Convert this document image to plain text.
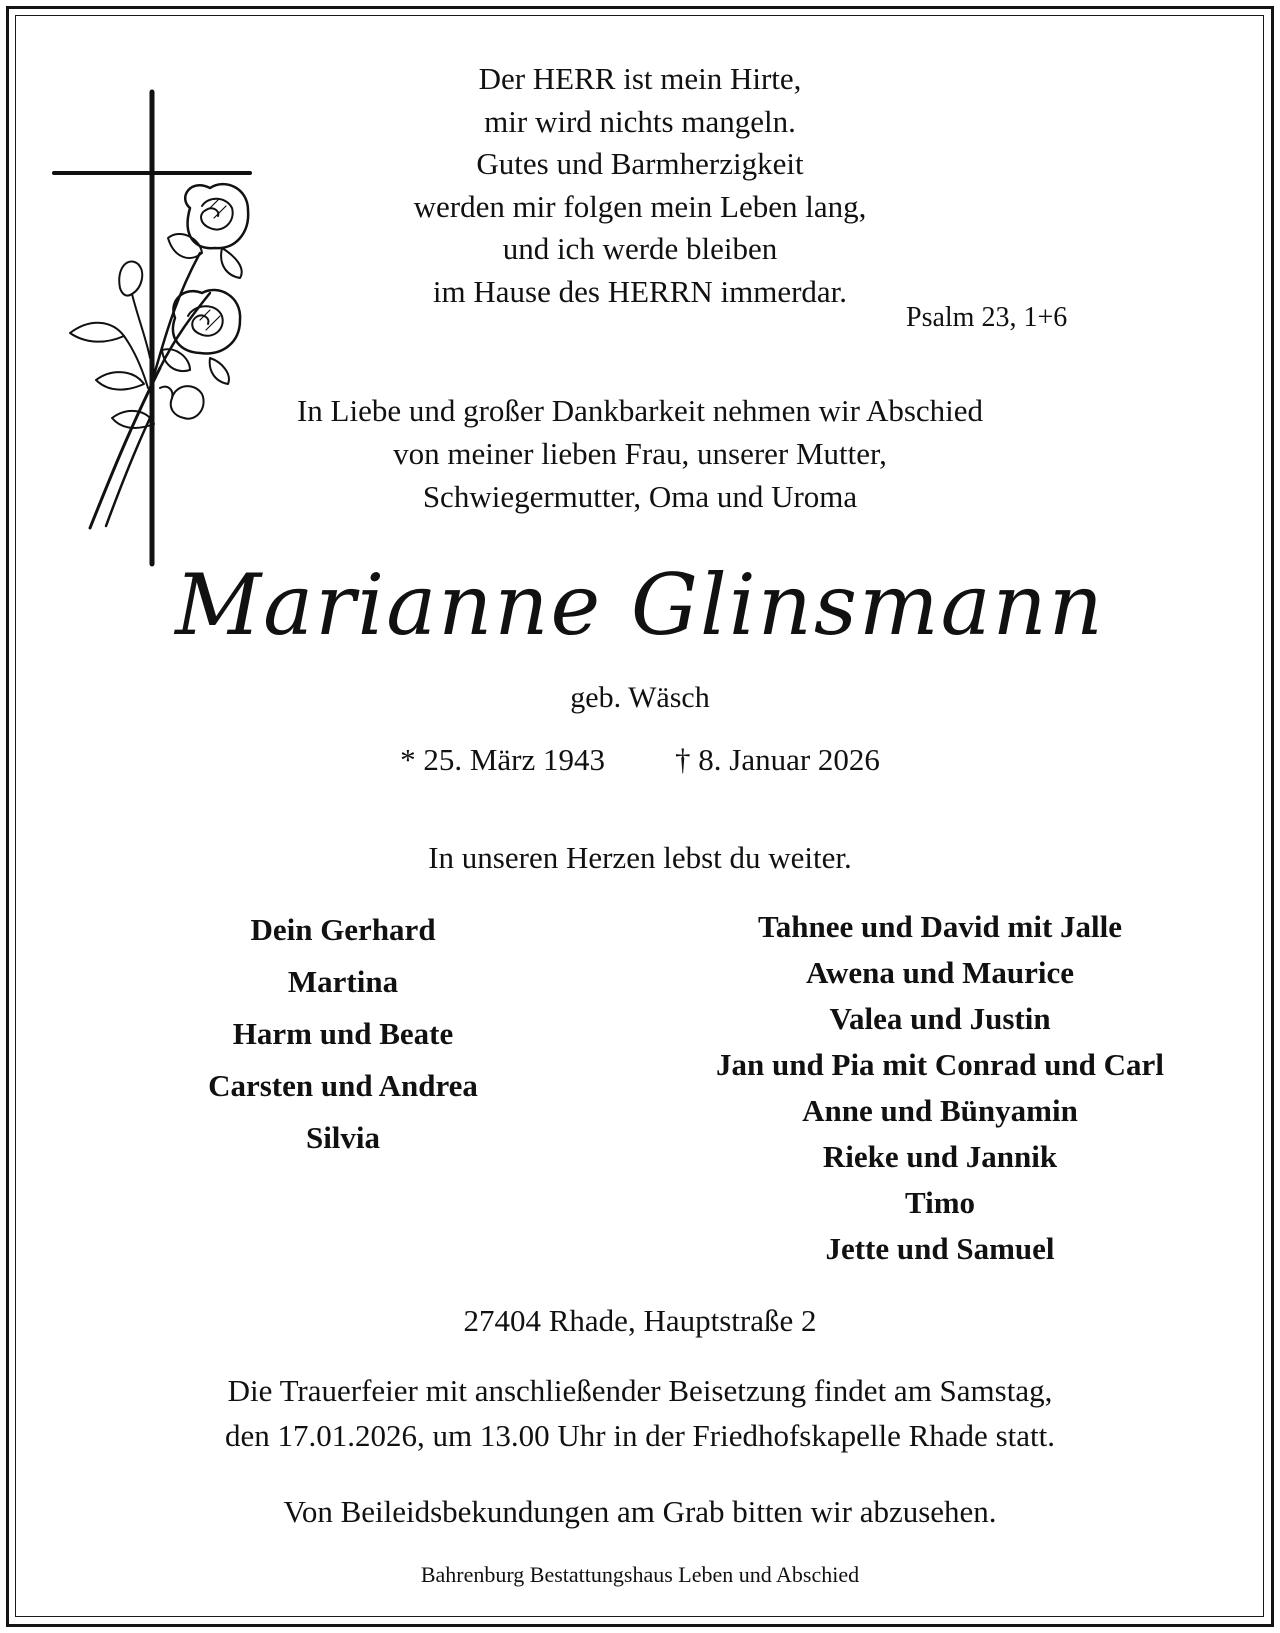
Der HERR ist mein Hirte,
mir wird nichts mangeln.
Gutes und Barmherzigkeit
werden mir folgen mein Leben lang,
und ich werde bleiben
im Hause des HERRN immerdar.
Psalm 23, 1+6
In Liebe und großer Dankbarkeit nehmen wir Abschied
von meiner lieben Frau, unserer Mutter,
Schwiegermutter, Oma und Uroma
Marianne Glinsmann
geb. Wäsch
* 25. März 1943 † 8. Januar 2026
In unseren Herzen lebst du weiter.
Dein Gerhard
Martina
Harm und Beate
Carsten und Andrea
Silvia
Tahnee und David mit Jalle
Awena und Maurice
Valea und Justin
Jan und Pia mit Conrad und Carl
Anne und Bünyamin
Rieke und Jannik
Timo
Jette und Samuel
27404 Rhade, Hauptstraße 2
Die Trauerfeier mit anschließender Beisetzung findet am Samstag,
den 17.01.2026, um 13.00 Uhr in der Friedhofskapelle Rhade statt.
Von Beileidsbekundungen am Grab bitten wir abzusehen.
Bahrenburg Bestattungshaus Leben und Abschied
